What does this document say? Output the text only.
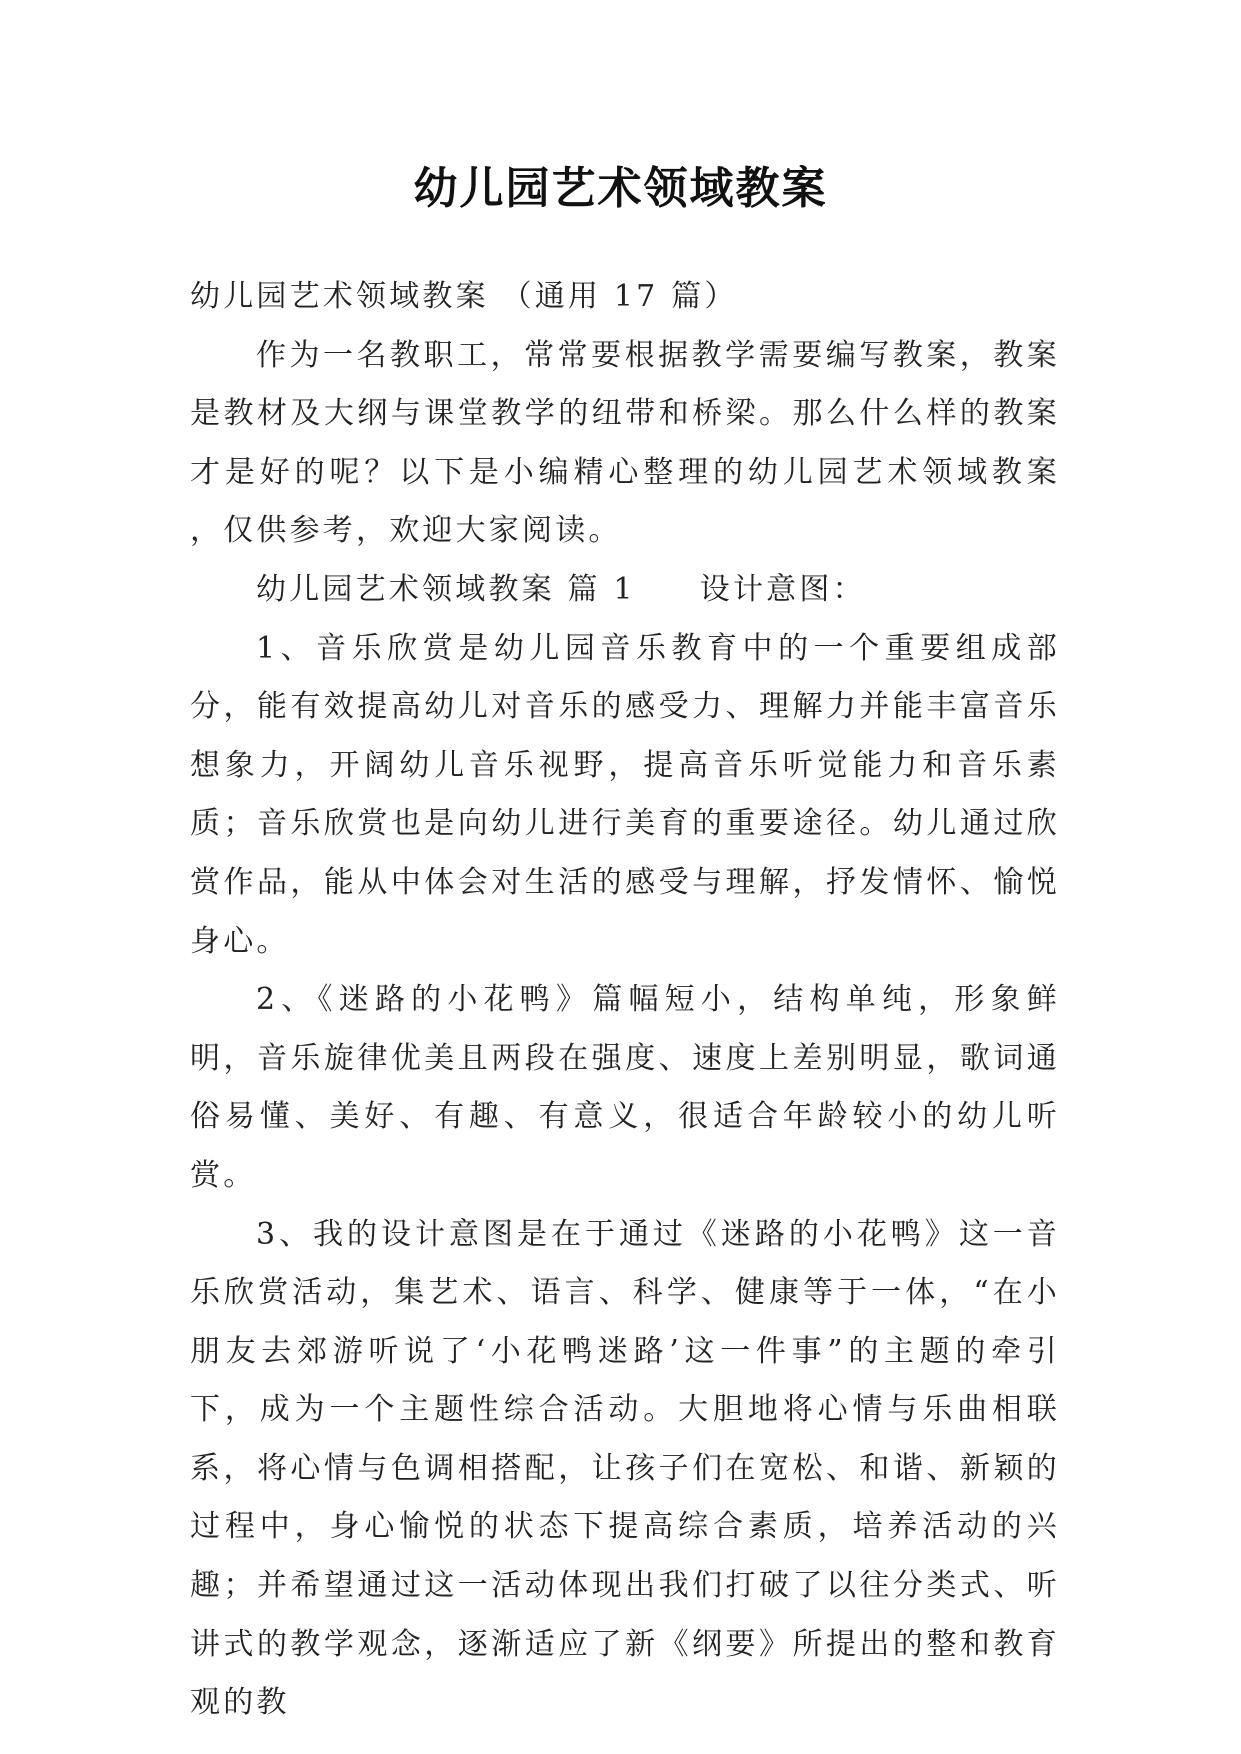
幼儿园艺术领域教案

幼儿园艺术领域教案 （通用 17 篇）

作为一名教职工，常常要根据教学需要编写教案，教案是教材及大纲与课堂教学的纽带和桥梁。那么什么样的教案才是好的呢？以下是小编精心整理的幼儿园艺术领域教案 ，仅供参考，欢迎大家阅读。

幼儿园艺术领域教案 篇 1 设计意图：

1、音乐欣赏是幼儿园音乐教育中的一个重要组成部分，能有效提高幼儿对音乐的感受力、理解力并能丰富音乐想象力，开阔幼儿音乐视野，提高音乐听觉能力和音乐素质；音乐欣赏也是向幼儿进行美育的重要途径。幼儿通过欣赏作品，能从中体会对生活的感受与理解，抒发情怀、愉悦身心。

2、《迷路的小花鸭》篇幅短小，结构单纯，形象鲜明，音乐旋律优美且两段在强度、速度上差别明显，歌词通俗易懂、美好、有趣、有意义，很适合年龄较小的幼儿听赏。

3、我的设计意图是在于通过《迷路的小花鸭》这一音乐欣赏活动，集艺术、语言、科学、健康等于一体，“在小朋友去郊游听说了‘小花鸭迷路’这一件事”的主题的牵引下，成为一个主题性综合活动。大胆地将心情与乐曲相联系，将心情与色调相搭配，让孩子们在宽松、和谐、新颖的过程中，身心愉悦的状态下提高综合素质，培养活动的兴趣；并希望通过这一活动体现出我们打破了以往分类式、听讲式的教学观念，逐渐适应了新《纲要》所提出的整和教育观的教
